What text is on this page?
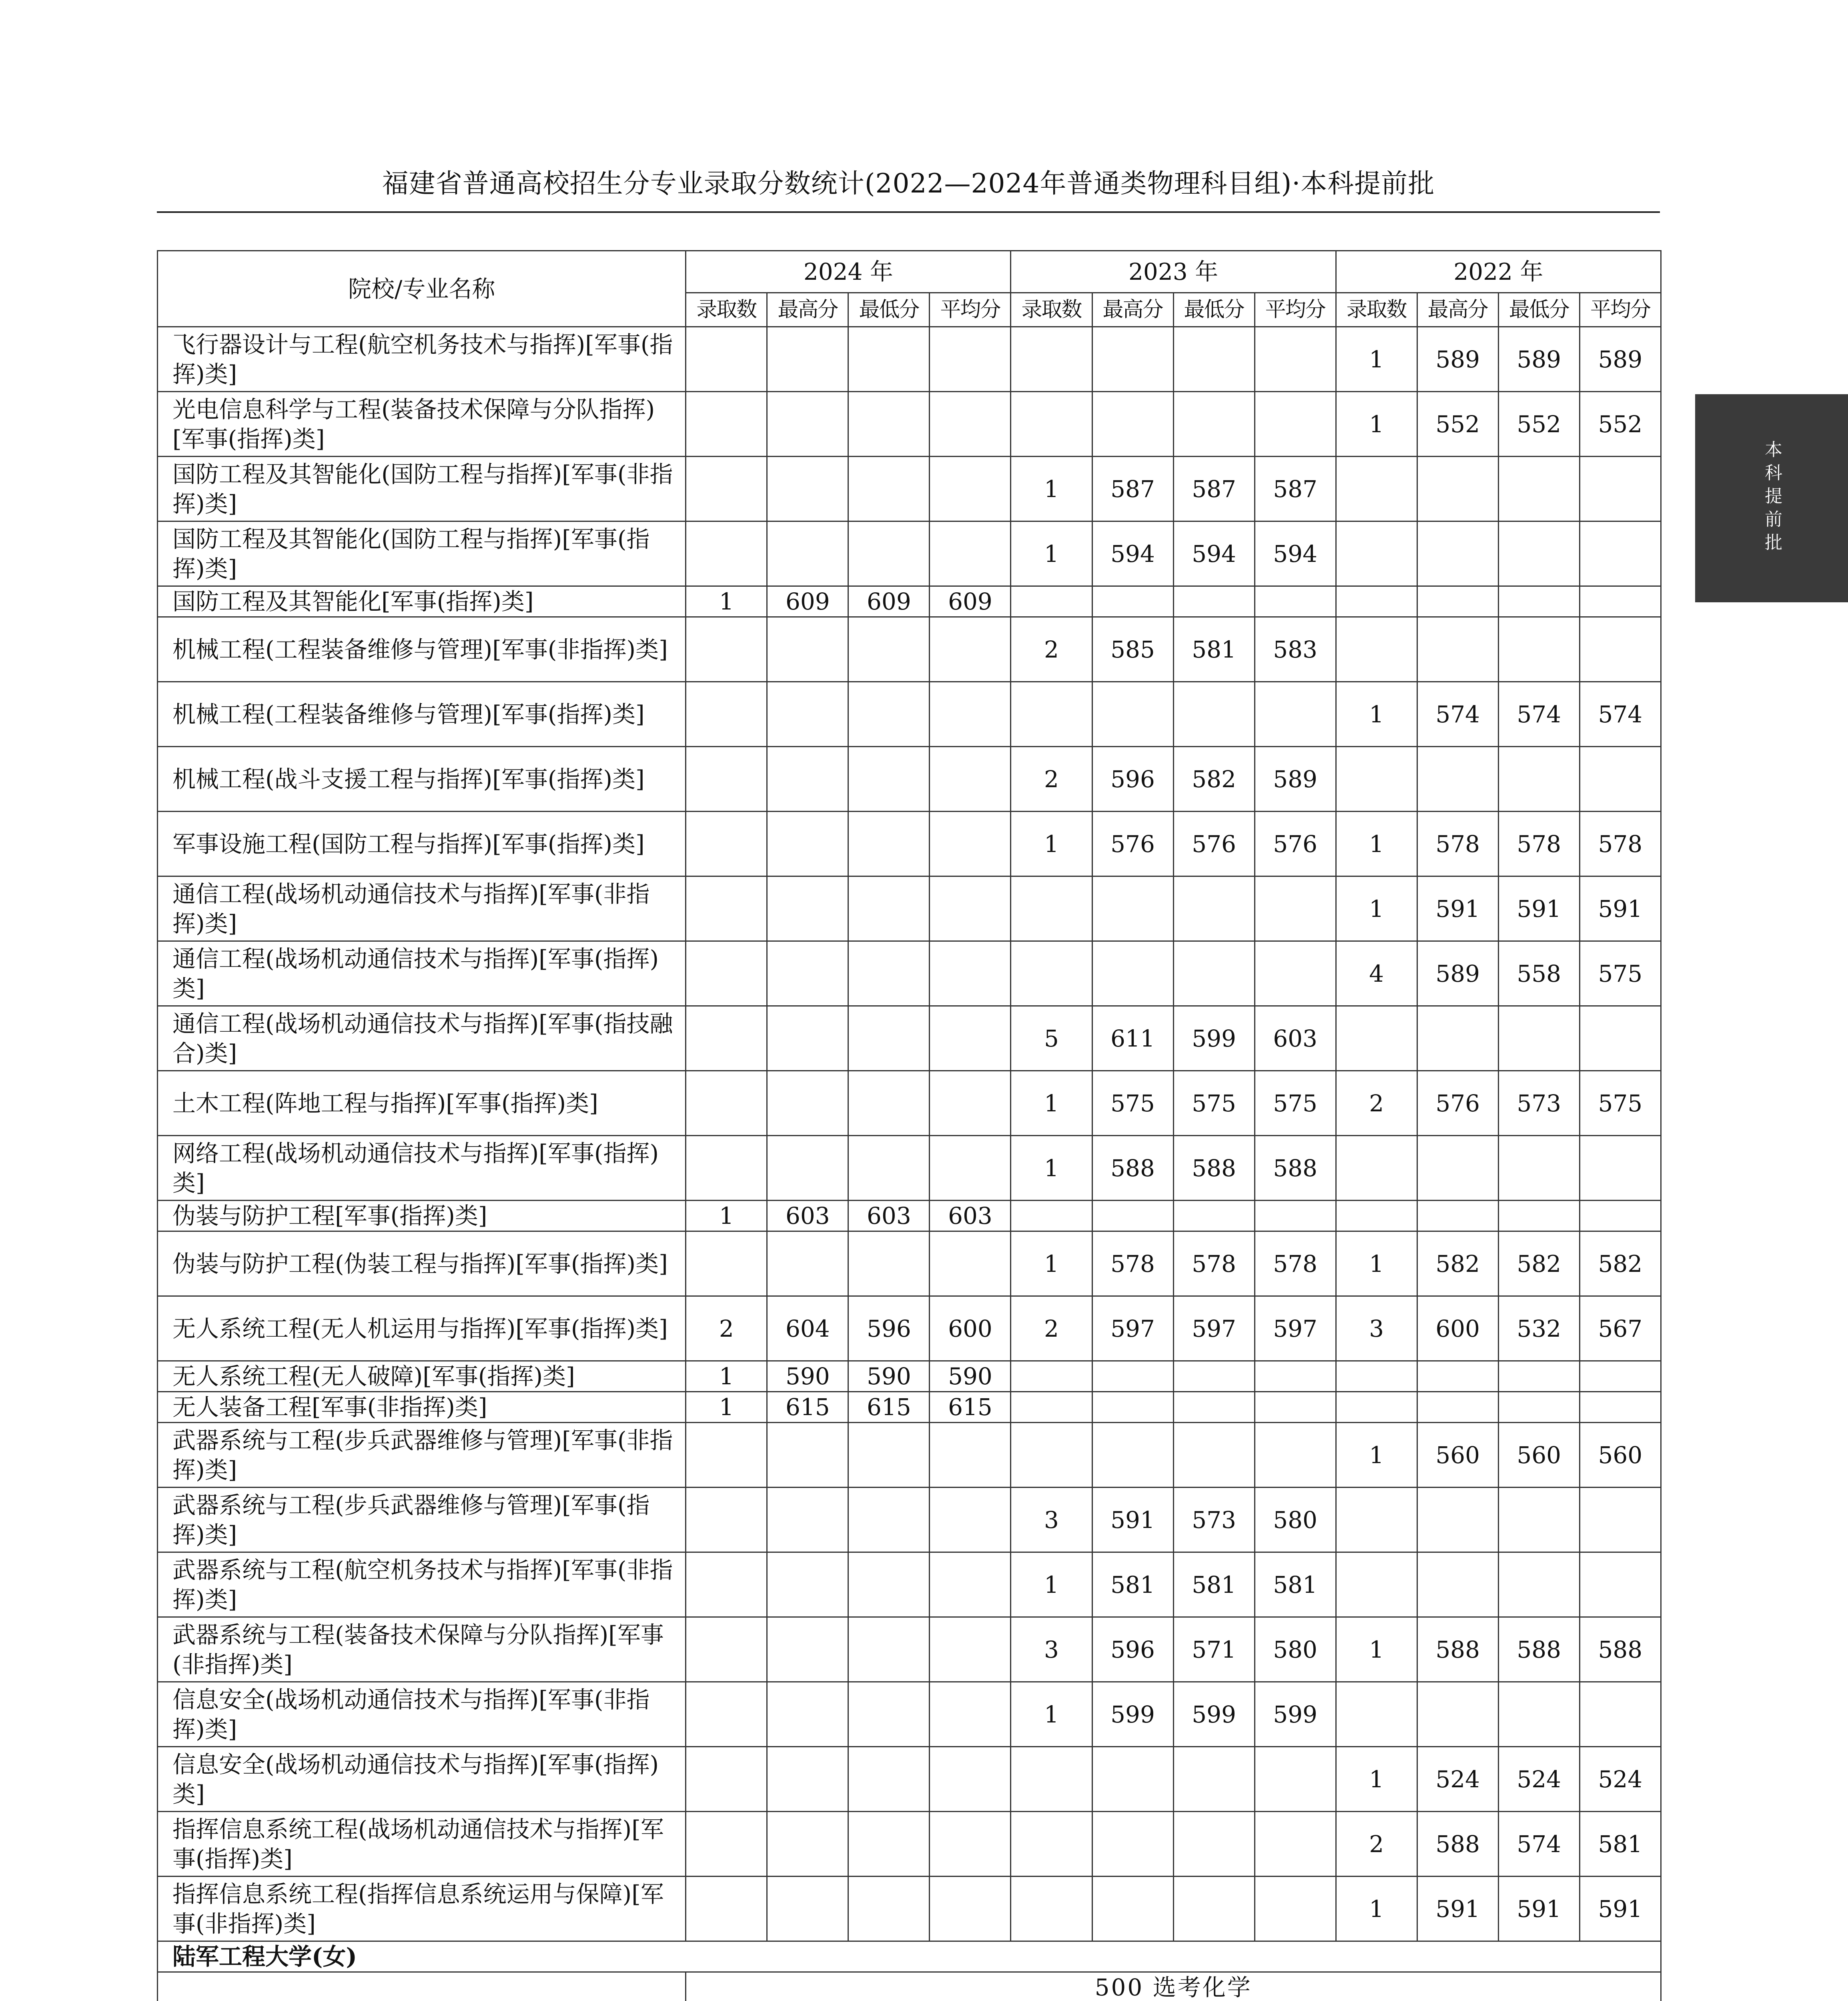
福建省普通高校招生分专业录取分数统计(2022—2024年普通类物理科目组)·本科提前批
本科提前批
院校/专业名称	2024 年				2023 年				2022 年			
	录取数	最高分	最低分	平均分	录取数	最高分	最低分	平均分	录取数	最高分	最低分	平均分
飞行器设计与工程(航空机务技术与指挥)[军事(指挥)类]									1	589	589	589
光电信息科学与工程(装备技术保障与分队指挥)[军事(指挥)类]									1	552	552	552
国防工程及其智能化(国防工程与指挥)[军事(非指挥)类]					1	587	587	587				
国防工程及其智能化(国防工程与指挥)[军事(指挥)类]					1	594	594	594				
国防工程及其智能化[军事(指挥)类]	1	609	609	609								
机械工程(工程装备维修与管理)[军事(非指挥)类]					2	585	581	583				
机械工程(工程装备维修与管理)[军事(指挥)类]									1	574	574	574
机械工程(战斗支援工程与指挥)[军事(指挥)类]					2	596	582	589				
军事设施工程(国防工程与指挥)[军事(指挥)类]					1	576	576	576	1	578	578	578
通信工程(战场机动通信技术与指挥)[军事(非指挥)类]									1	591	591	591
通信工程(战场机动通信技术与指挥)[军事(指挥)类]									4	589	558	575
通信工程(战场机动通信技术与指挥)[军事(指技融合)类]					5	611	599	603				
土木工程(阵地工程与指挥)[军事(指挥)类]					1	575	575	575	2	576	573	575
网络工程(战场机动通信技术与指挥)[军事(指挥)类]					1	588	588	588				
伪装与防护工程[军事(指挥)类]	1	603	603	603								
伪装与防护工程(伪装工程与指挥)[军事(指挥)类]					1	578	578	578	1	582	582	582
无人系统工程(无人机运用与指挥)[军事(指挥)类]	2	604	596	600	2	597	597	597	3	600	532	567
无人系统工程(无人破障)[军事(指挥)类]	1	590	590	590								
无人装备工程[军事(非指挥)类]	1	615	615	615								
武器系统与工程(步兵武器维修与管理)[军事(非指挥)类]									1	560	560	560
武器系统与工程(步兵武器维修与管理)[军事(指挥)类]					3	591	573	580				
武器系统与工程(航空机务技术与指挥)[军事(非指挥)类]					1	581	581	581				
武器系统与工程(装备技术保障与分队指挥)[军事(非指挥)类]					3	596	571	580	1	588	588	588
信息安全(战场机动通信技术与指挥)[军事(非指挥)类]					1	599	599	599				
信息安全(战场机动通信技术与指挥)[军事(指挥)类]									1	524	524	524
指挥信息系统工程(战场机动通信技术与指挥)[军事(指挥)类]									2	588	574	581
指挥信息系统工程(指挥信息系统运用与保障)[军事(非指挥)类]									1	591	591	591
陆军工程大学(女)												
	500 选考化学											
